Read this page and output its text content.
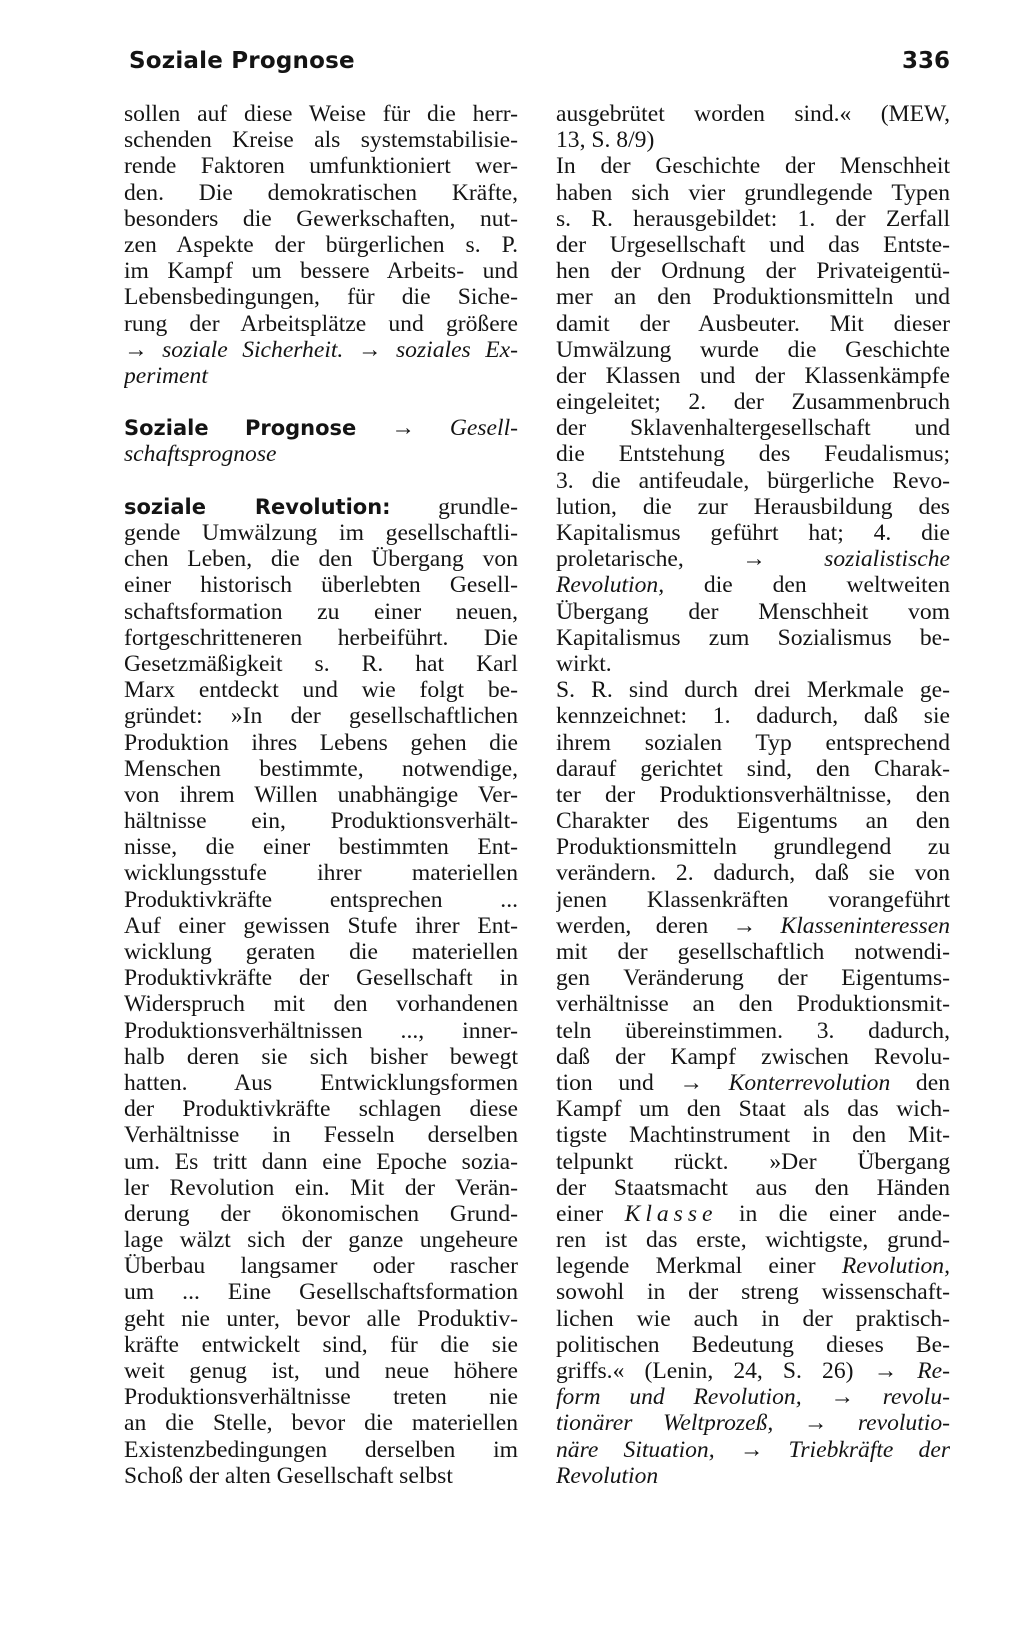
Soziale Prognose	336
sollen auf diese Weise für die herr-
schenden Kreise als systemstabilisie-
rende Faktoren umfunktioniert wer-
den. Die demokratischen Kräfte,
besonders die Gewerkschaften, nut-
zen Aspekte der bürgerlichen s. P.
im Kampf um bessere Arbeits- und
Lebensbedingungen, für die Siche-
rung der Arbeitsplätze und größere
→ soziale Sicherheit. → soziales Ex-
periment
Soziale Prognose → Gesell-
schaftsprognose
soziale Revolution: grundle-
gende Umwälzung im gesellschaftli-
chen Leben, die den Übergang von
einer historisch überlebten Gesell-
schaftsformation zu einer neuen,
fortgeschritteneren herbeiführt. Die
Gesetzmäßigkeit s. R. hat Karl
Marx entdeckt und wie folgt be-
gründet: »In der gesellschaftlichen
Produktion ihres Lebens gehen die
Menschen bestimmte, notwendige,
von ihrem Willen unabhängige Ver-
hältnisse ein, Produktionsverhält-
nisse, die einer bestimmten Ent-
wicklungsstufe ihrer materiellen
Produktivkräfte entsprechen ...
Auf einer gewissen Stufe ihrer Ent-
wicklung geraten die materiellen
Produktivkräfte der Gesellschaft in
Widerspruch mit den vorhandenen
Produktionsverhältnissen ..., inner-
halb deren sie sich bisher bewegt
hatten. Aus Entwicklungsformen
der Produktivkräfte schlagen diese
Verhältnisse in Fesseln derselben
um. Es tritt dann eine Epoche sozia-
ler Revolution ein. Mit der Verän-
derung der ökonomischen Grund-
lage wälzt sich der ganze ungeheure
Überbau langsamer oder rascher
um ... Eine Gesellschaftsformation
geht nie unter, bevor alle Produktiv-
kräfte entwickelt sind, für die sie
weit genug ist, und neue höhere
Produktionsverhältnisse treten nie
an die Stelle, bevor die materiellen
Existenzbedingungen derselben im
Schoß der alten Gesellschaft selbst
ausgebrütet worden sind.« (MEW,
13, S. 8/9)
In der Geschichte der Menschheit
haben sich vier grundlegende Typen
s. R. herausgebildet: 1. der Zerfall
der Urgesellschaft und das Entste-
hen der Ordnung der Privateigentü-
mer an den Produktionsmitteln und
damit der Ausbeuter. Mit dieser
Umwälzung wurde die Geschichte
der Klassen und der Klassenkämpfe
eingeleitet; 2. der Zusammenbruch
der Sklavenhaltergesellschaft und
die Entstehung des Feudalismus;
3. die antifeudale, bürgerliche Revo-
lution, die zur Herausbildung des
Kapitalismus geführt hat; 4. die
proletarische, → sozialistische
Revolution, die den weltweiten
Übergang der Menschheit vom
Kapitalismus zum Sozialismus be-
wirkt.
S. R. sind durch drei Merkmale ge-
kennzeichnet: 1. dadurch, daß sie
ihrem sozialen Typ entsprechend
darauf gerichtet sind, den Charak-
ter der Produktionsverhältnisse, den
Charakter des Eigentums an den
Produktionsmitteln grundlegend zu
verändern. 2. dadurch, daß sie von
jenen Klassenkräften vorangeführt
werden, deren → Klasseninteressen
mit der gesellschaftlich notwendi-
gen Veränderung der Eigentums-
verhältnisse an den Produktionsmit-
teln übereinstimmen. 3. dadurch,
daß der Kampf zwischen Revolu-
tion und → Konterrevolution den
Kampf um den Staat als das wich-
tigste Machtinstrument in den Mit-
telpunkt rückt. »Der Übergang
der Staatsmacht aus den Händen
einer Klasse in die einer ande-
ren ist das erste, wichtigste, grund-
legende Merkmal einer Revolution,
sowohl in der streng wissenschaft-
lichen wie auch in der praktisch-
politischen Bedeutung dieses Be-
griffs.« (Lenin, 24, S. 26) → Re-
form und Revolution, → revolu-
tionärer Weltprozeß, → revolutio-
näre Situation, → Triebkräfte der
Revolution
